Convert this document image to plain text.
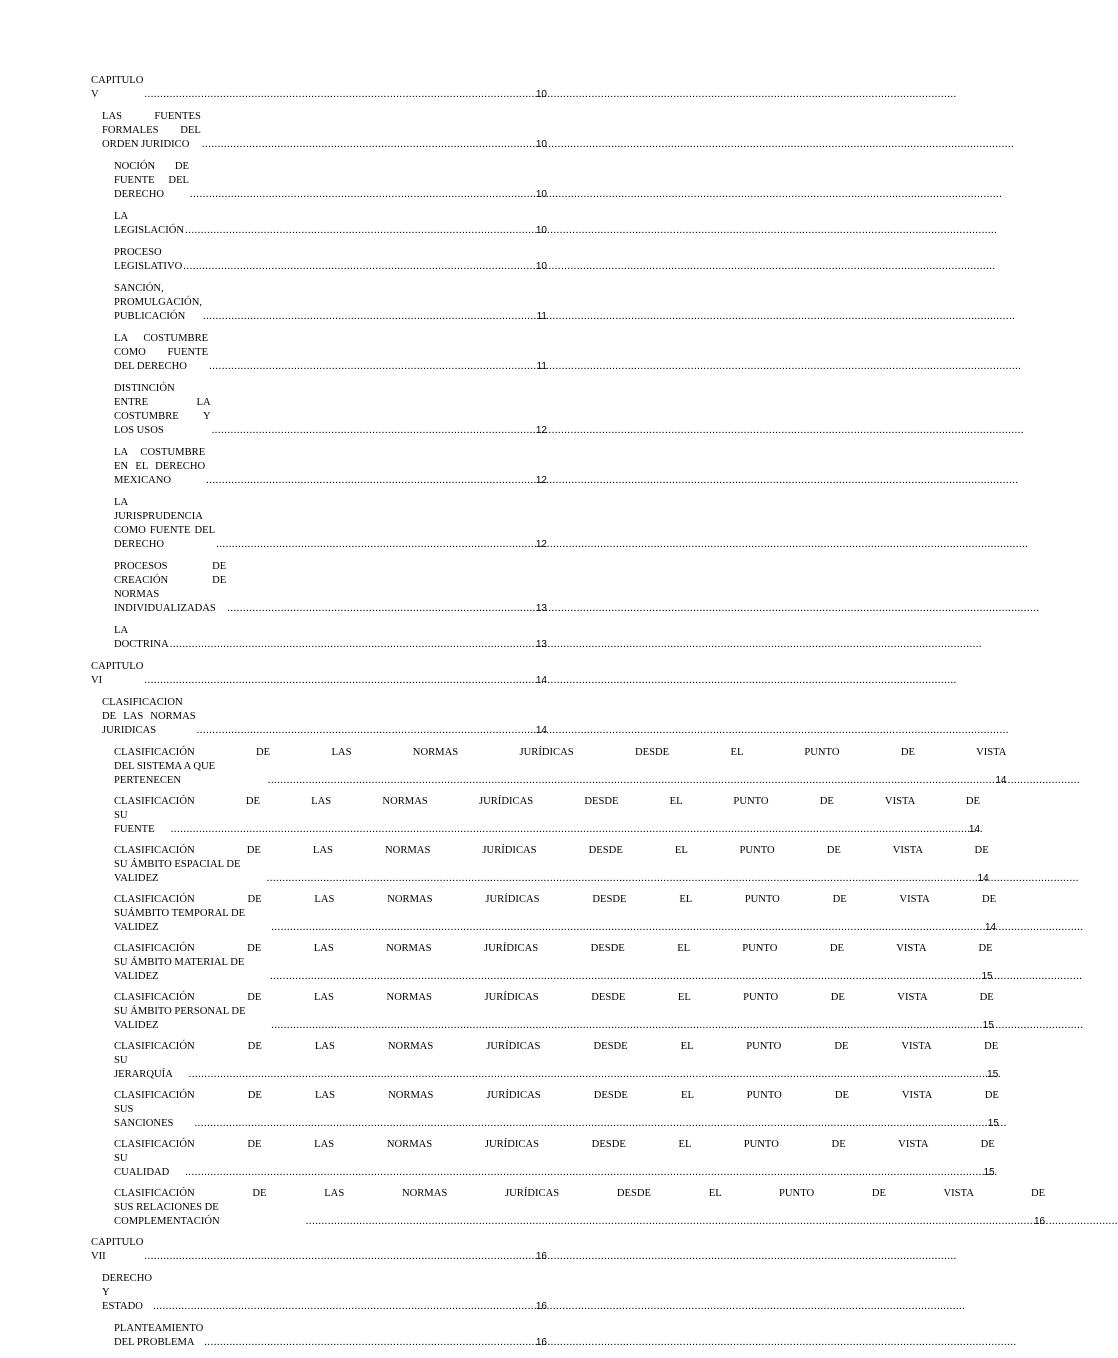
CAPITULO V .....	10
LAS FUENTES FORMALES DEL ORDEN JURIDICO .....	10
NOCIÓN DE FUENTE DEL DERECHO .....	10
LA LEGISLACIÓN .....	10
PROCESO LEGISLATIVO .....	10
SANCIÓN, PROMULGACIÓN, PUBLICACIÓN .....	11
LA COSTUMBRE COMO FUENTE DEL DERECHO .....	11
DISTINCIÓN ENTRE LA COSTUMBRE Y LOS USOS .....	12
LA COSTUMBRE EN EL DERECHO MEXICANO .....	12
LA JURISPRUDENCIA COMO FUENTE DEL DERECHO .....	12
PROCESOS DE CREACIÓN DE NORMAS INDIVIDUALIZADAS .....	13
LA DOCTRINA .....	13
CAPITULO VI .....	14
CLASIFICACION DE LAS NORMAS JURIDICAS .....	14
CLASIFICACIÓN DE LAS NORMAS JURÍDICAS DESDE EL PUNTO DE VISTA
DEL SISTEMA A QUE PERTENECEN .....	14
CLASIFICACIÓN DE LAS NORMAS JURÍDICAS DESDE EL PUNTO DE VISTA DE
SU FUENTE .....	14
CLASIFICACIÓN DE LAS NORMAS JURÍDICAS DESDE EL PUNTO DE VISTA DE
SU ÁMBITO ESPACIAL DE VALIDEZ .....	14
CLASIFICACIÓN DE LAS NORMAS JURÍDICAS DESDE EL PUNTO DE VISTA DE
SUÁMBITO TEMPORAL DE VALIDEZ .....	14
CLASIFICACIÓN DE LAS NORMAS JURÍDICAS DESDE EL PUNTO DE VISTA DE
SU ÁMBITO MATERIAL DE VALIDEZ .....	15
CLASIFICACIÓN DE LAS NORMAS JURÍDICAS DESDE EL PUNTO DE VISTA DE
SU ÁMBITO PERSONAL DE VALIDEZ .....	15
CLASIFICACIÓN DE LAS NORMAS JURÍDICAS DESDE EL PUNTO DE VISTA DE
SU JERARQUÍA .....	15
CLASIFICACIÓN DE LAS NORMAS JURÍDICAS DESDE EL PUNTO DE VISTA DE
SUS SANCIONES .....	15
CLASIFICACIÓN DE LAS NORMAS JURÍDICAS DESDE EL PUNTO DE VISTA DE
SU CUALIDAD .....	15
CLASIFICACIÓN DE LAS NORMAS JURÍDICAS DESDE EL PUNTO DE VISTA DE
SUS RELACIONES DE COMPLEMENTACIÓN .....	16
CAPITULO VII .....	16
DERECHO Y ESTADO .....	16
PLANTEAMIENTO DEL PROBLEMA .....	16
